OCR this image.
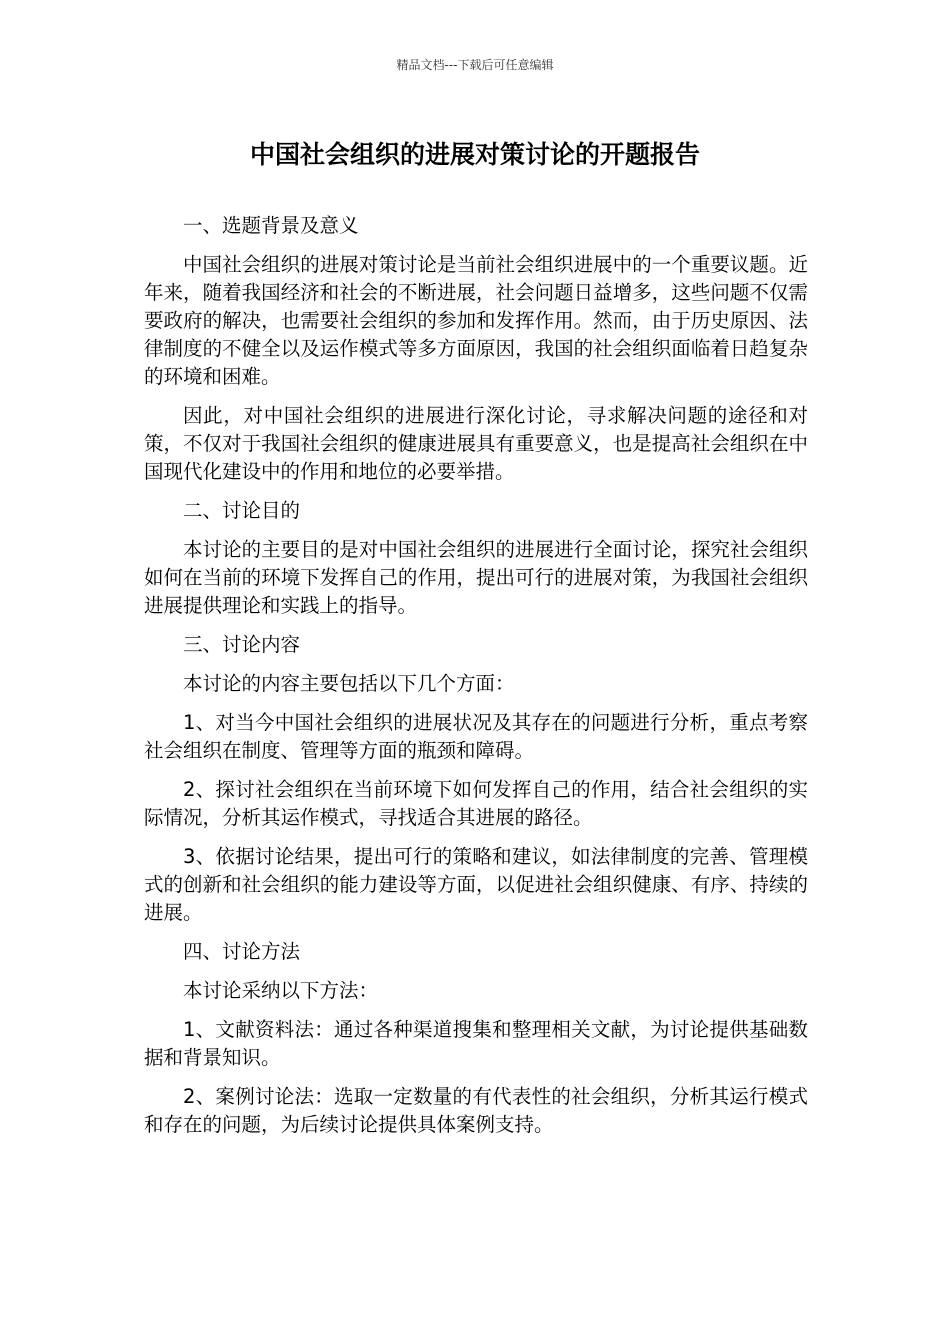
精品文档---下载后可任意编辑
中国社会组织的进展对策讨论的开题报告

一、选题背景及意义

中国社会组织的进展对策讨论是当前社会组织进展中的一个重要议题。近年来，随着我国经济和社会的不断进展，社会问题日益增多，这些问题不仅需要政府的解决，也需要社会组织的参加和发挥作用。然而，由于历史原因、法律制度的不健全以及运作模式等多方面原因，我国的社会组织面临着日趋复杂的环境和困难。

因此，对中国社会组织的进展进行深化讨论，寻求解决问题的途径和对策，不仅对于我国社会组织的健康进展具有重要意义，也是提高社会组织在中国现代化建设中的作用和地位的必要举措。

二、讨论目的

本讨论的主要目的是对中国社会组织的进展进行全面讨论，探究社会组织如何在当前的环境下发挥自己的作用，提出可行的进展对策，为我国社会组织进展提供理论和实践上的指导。

三、讨论内容

本讨论的内容主要包括以下几个方面：

1、对当今中国社会组织的进展状况及其存在的问题进行分析，重点考察社会组织在制度、管理等方面的瓶颈和障碍。

2、探讨社会组织在当前环境下如何发挥自己的作用，结合社会组织的实际情况，分析其运作模式，寻找适合其进展的路径。

3、依据讨论结果，提出可行的策略和建议，如法律制度的完善、管理模式的创新和社会组织的能力建设等方面，以促进社会组织健康、有序、持续的进展。

四、讨论方法

本讨论采纳以下方法：

1、文献资料法：通过各种渠道搜集和整理相关文献，为讨论提供基础数据和背景知识。

2、案例讨论法：选取一定数量的有代表性的社会组织，分析其运行模式和存在的问题，为后续讨论提供具体案例支持。
